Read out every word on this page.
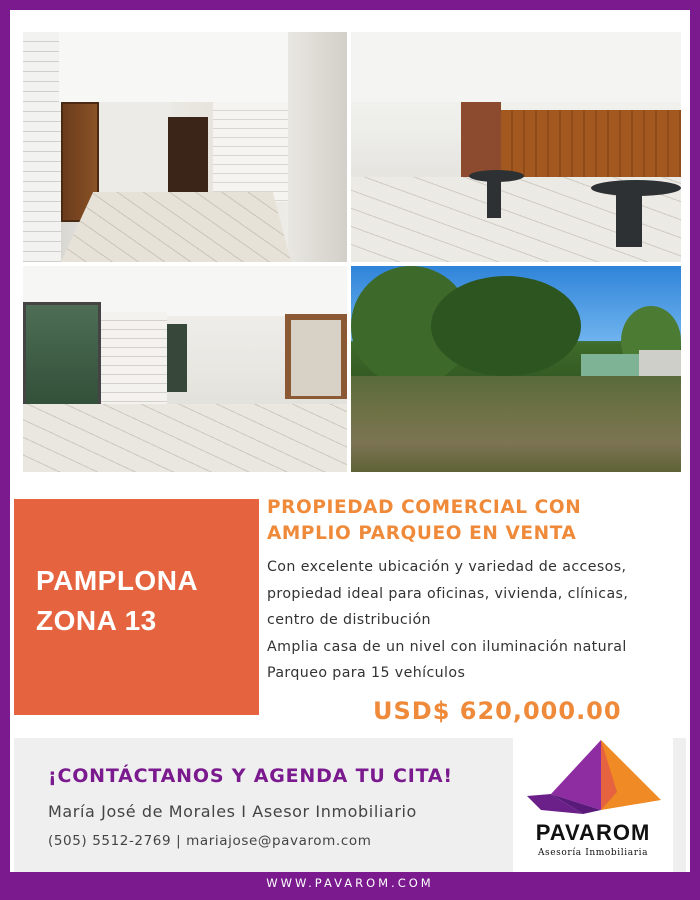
PAMPLONA
ZONA 13
PROPIEDAD COMERCIAL CON
AMPLIO PARQUEO EN VENTA
Con excelente ubicación y variedad de accesos,
propiedad ideal para oficinas, vivienda, clínicas,
centro de distribución
Amplia casa de un nivel con iluminación natural
Parqueo para 15 vehículos
USD$ 620,000.00
¡CONTÁCTANOS Y AGENDA TU CITA!
María José de Morales I Asesor Inmobiliario
(505) 5512-2769 | mariajose@pavarom.com	PAVAROM
Asesoría Inmobiliaria
WWW.PAVAROM.COM
